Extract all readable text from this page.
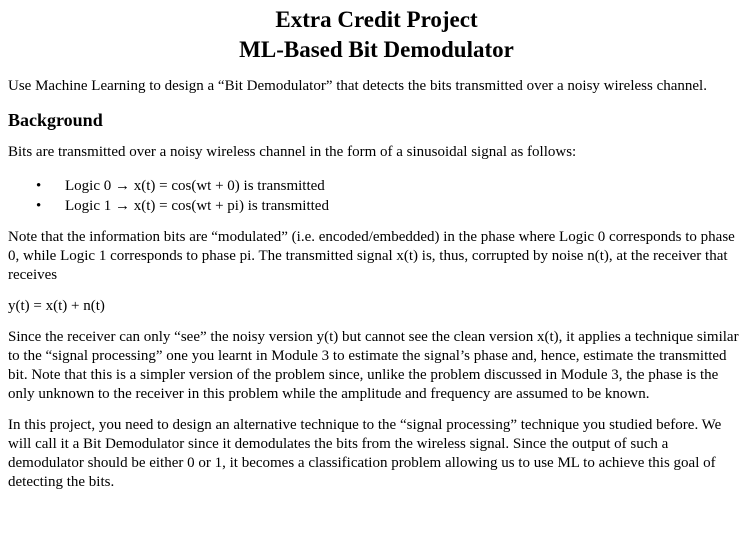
Extra Credit Project
ML-Based Bit Demodulator

Use Machine Learning to design a “Bit Demodulator” that detects the bits transmitted over a noisy wireless channel.

Background

Bits are transmitted over a noisy wireless channel in the form of a sinusoidal signal as follows:

• Logic 0 → x(t) = cos(wt + 0) is transmitted
• Logic 1 → x(t) = cos(wt + pi) is transmitted

Note that the information bits are “modulated” (i.e. encoded/embedded) in the phase where Logic 0 corresponds to phase 0, while Logic 1 corresponds to phase pi. The transmitted signal x(t) is, thus, corrupted by noise n(t), at the receiver that receives

y(t) = x(t) + n(t)

Since the receiver can only “see” the noisy version y(t) but cannot see the clean version x(t), it applies a technique similar to the “signal processing” one you learnt in Module 3 to estimate the signal’s phase and, hence, estimate the transmitted bit. Note that this is a simpler version of the problem since, unlike the problem discussed in Module 3, the phase is the only unknown to the receiver in this problem while the amplitude and frequency are assumed to be known.

In this project, you need to design an alternative technique to the “signal processing” technique you studied before. We will call it a Bit Demodulator since it demodulates the bits from the wireless signal. Since the output of such a demodulator should be either 0 or 1, it becomes a classification problem allowing us to use ML to achieve this goal of detecting the bits.
